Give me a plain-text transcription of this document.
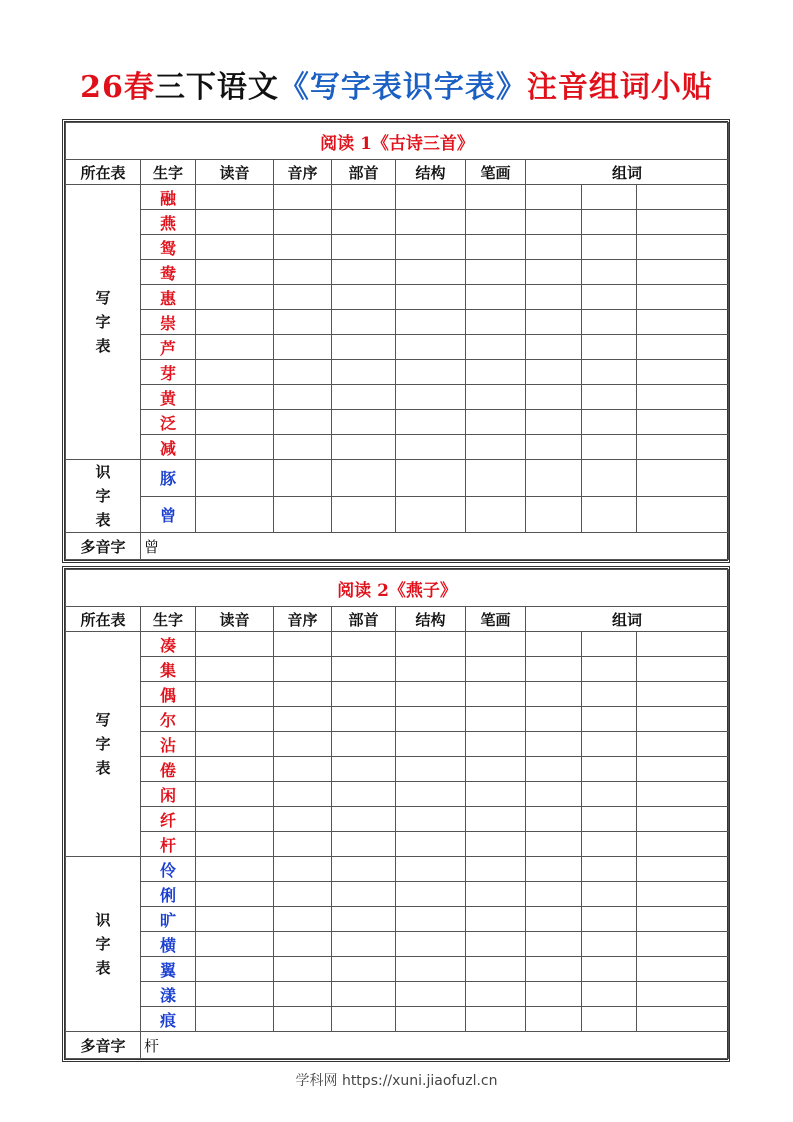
26春三下语文《写字表识字表》注音组词小贴
阅读 1《古诗三首》									
所在表	生字	读音	音序	部首	结构	笔画	组词		

写
字
表	融								
	燕								
	鸳								
	鸯								
	惠								
	崇								
	芦								
	芽								
	黄								
	泛								
	减								

识
字
表	豚								
	曾								
多音字	曾								
阅读 2《燕子》									
所在表	生字	读音	音序	部首	结构	笔画	组词		

写
字
表	凑								
	集								
	偶								
	尔								
	沾								
	倦								
	闲								
	纤								
	杆								

识
字
表	伶								
	俐								
	旷								
	横								
	翼								
	漾								
	痕								
多音字	杆								
学科网 https://xuni.jiaofuzl.cn
